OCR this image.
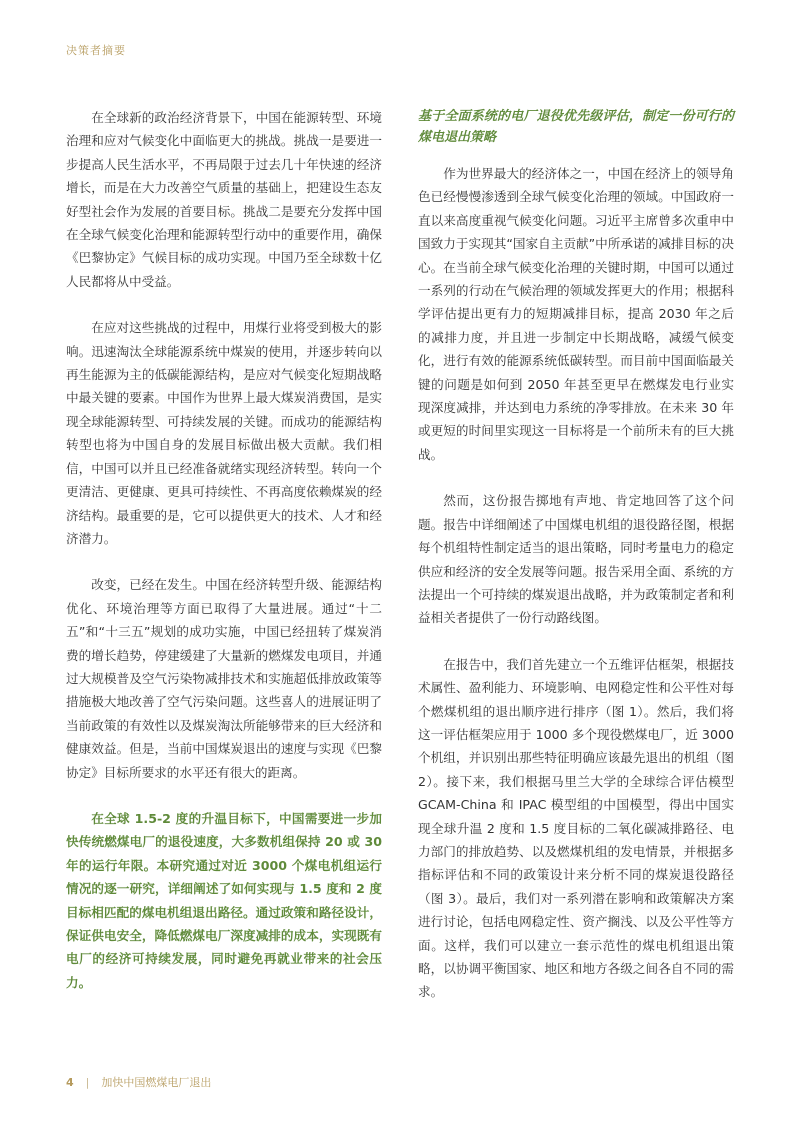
决策者摘要

在全球新的政治经济背景下，中国在能源转型、环境治理和应对气候变化中面临更大的挑战。挑战一是要进一步提高人民生活水平，不再局限于过去几十年快速的经济增长，而是在大力改善空气质量的基础上，把建设生态友好型社会作为发展的首要目标。挑战二是要充分发挥中国在全球气候变化治理和能源转型行动中的重要作用，确保《巴黎协定》气候目标的成功实现。中国乃至全球数十亿人民都将从中受益。

在应对这些挑战的过程中，用煤行业将受到极大的影响。迅速淘汰全球能源系统中煤炭的使用，并逐步转向以再生能源为主的低碳能源结构，是应对气候变化短期战略中最关键的要素。中国作为世界上最大煤炭消费国，是实现全球能源转型、可持续发展的关键。而成功的能源结构转型也将为中国自身的发展目标做出极大贡献。我们相信，中国可以并且已经准备就绪实现经济转型。转向一个更清洁、更健康、更具可持续性、不再高度依赖煤炭的经济结构。最重要的是，它可以提供更大的技术、人才和经济潜力。

改变，已经在发生。中国在经济转型升级、能源结构优化、环境治理等方面已取得了大量进展。通过“十二五”和“十三五”规划的成功实施，中国已经扭转了煤炭消费的增长趋势，停建缓建了大量新的燃煤发电项目，并通过大规模普及空气污染物减排技术和实施超低排放政策等措施极大地改善了空气污染问题。这些喜人的进展证明了当前政策的有效性以及煤炭淘汰所能够带来的巨大经济和健康效益。但是，当前中国煤炭退出的速度与实现《巴黎协定》目标所要求的水平还有很大的距离。

在全球 1.5-2 度的升温目标下，中国需要进一步加快传统燃煤电厂的退役速度，大多数机组保持 20 或 30 年的运行年限。本研究通过对近 3000 个煤电机组运行情况的逐一研究，详细阐述了如何实现与 1.5 度和 2 度目标相匹配的煤电机组退出路径。通过政策和路径设计，保证供电安全，降低燃煤电厂深度减排的成本，实现既有电厂的经济可持续发展，同时避免再就业带来的社会压力。

基于全面系统的电厂退役优先级评估，制定一份可行的煤电退出策略

作为世界最大的经济体之一，中国在经济上的领导角色已经慢慢渗透到全球气候变化治理的领域。中国政府一直以来高度重视气候变化问题。习近平主席曾多次重申中国致力于实现其“国家自主贡献”中所承诺的减排目标的决心。在当前全球气候变化治理的关键时期，中国可以通过一系列的行动在气候治理的领域发挥更大的作用；根据科学评估提出更有力的短期减排目标，提高 2030 年之后的减排力度，并且进一步制定中长期战略，减缓气候变化，进行有效的能源系统低碳转型。而目前中国面临最关键的问题是如何到 2050 年甚至更早在燃煤发电行业实现深度减排，并达到电力系统的净零排放。在未来 30 年或更短的时间里实现这一目标将是一个前所未有的巨大挑战。

然而，这份报告掷地有声地、肯定地回答了这个问题。报告中详细阐述了中国煤电机组的退役路径图，根据每个机组特性制定适当的退出策略，同时考量电力的稳定供应和经济的安全发展等问题。报告采用全面、系统的方法提出一个可持续的煤炭退出战略，并为政策制定者和利益相关者提供了一份行动路线图。

在报告中，我们首先建立一个五维评估框架，根据技术属性、盈利能力、环境影响、电网稳定性和公平性对每个燃煤机组的退出顺序进行排序（图 1）。然后，我们将这一评估框架应用于 1000 多个现役燃煤电厂，近 3000 个机组，并识别出那些特征明确应该最先退出的机组（图 2）。接下来，我们根据马里兰大学的全球综合评估模型 GCAM-China 和 IPAC 模型组的中国模型，得出中国实现全球升温 2 度和 1.5 度目标的二氧化碳减排路径、电力部门的排放趋势、以及燃煤机组的发电情景，并根据多指标评估和不同的政策设计来分析不同的煤炭退役路径（图 3）。最后，我们对一系列潜在影响和政策解决方案进行讨论，包括电网稳定性、资产搁浅、以及公平性等方面。这样，我们可以建立一套示范性的煤电机组退出策略，以协调平衡国家、地区和地方各级之间各自不同的需求。

4 | 加快中国燃煤电厂退出
